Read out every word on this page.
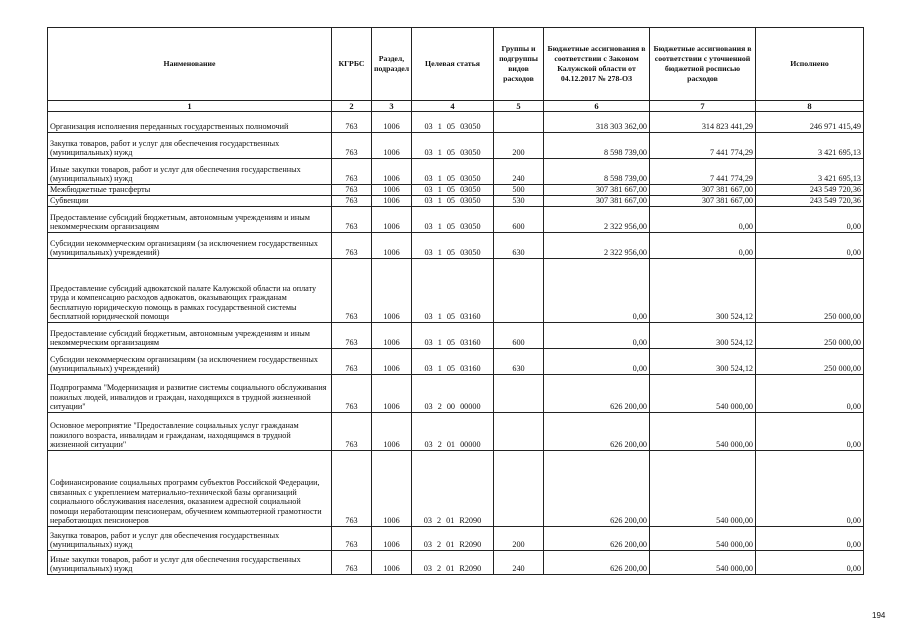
Наименование	КГРБС	Раздел, подраздел	Целевая статья	Группы и подгруппы видов расходов	Бюджетные ассигнования в соответствии с Законом Калужской области от 04.12.2017 № 278-ОЗ	Бюджетные ассигнования в соответствии с уточненной бюджетной росписью расходов	Исполнено
1	2	3	4	5	6	7	8
Организация исполнения переданных государственных полномочий	763	1006	03 1 05 03050		318 303 362,00	314 823 441,29	246 971 415,49
Закупка товаров, работ и услуг для обеспечения государственных (муниципальных) нужд	763	1006	03 1 05 03050	200	8 598 739,00	7 441 774,29	3 421 695,13
Иные закупки товаров, работ и услуг для обеспечения государственных (муниципальных) нужд	763	1006	03 1 05 03050	240	8 598 739,00	7 441 774,29	3 421 695,13
Межбюджетные трансферты	763	1006	03 1 05 03050	500	307 381 667,00	307 381 667,00	243 549 720,36
Субвенции	763	1006	03 1 05 03050	530	307 381 667,00	307 381 667,00	243 549 720,36
Предоставление субсидий бюджетным, автономным учреждениям и иным некоммерческим организациям	763	1006	03 1 05 03050	600	2 322 956,00	0,00	0,00
Субсидии некоммерческим организациям (за исключением государственных (муниципальных) учреждений)	763	1006	03 1 05 03050	630	2 322 956,00	0,00	0,00
Предоставление субсидий адвокатской палате Калужской области на оплату труда и компенсацию расходов адвокатов, оказывающих гражданам бесплатную юридическую помощь в рамках государственной системы бесплатной юридической помощи	763	1006	03 1 05 03160		0,00	300 524,12	250 000,00
Предоставление субсидий бюджетным, автономным учреждениям и иным некоммерческим организациям	763	1006	03 1 05 03160	600	0,00	300 524,12	250 000,00
Субсидии некоммерческим организациям (за исключением государственных (муниципальных) учреждений)	763	1006	03 1 05 03160	630	0,00	300 524,12	250 000,00
Подпрограмма "Модернизация и развитие системы социального обслуживания пожилых людей, инвалидов и граждан, находящихся в трудной жизненной ситуации"	763	1006	03 2 00 00000		626 200,00	540 000,00	0,00
Основное мероприятие "Предоставление социальных услуг гражданам пожилого возраста, инвалидам и гражданам, находящимся в трудной жизненной ситуации"	763	1006	03 2 01 00000		626 200,00	540 000,00	0,00
Софинансирование социальных программ субъектов Российской Федерации, связанных с укреплением материально-технической базы организаций социального обслуживания населения, оказанием адресной социальной помощи неработающим пенсионерам, обучением компьютерной грамотности неработающих пенсионеров	763	1006	03 2 01 R2090		626 200,00	540 000,00	0,00
Закупка товаров, работ и услуг для обеспечения государственных (муниципальных) нужд	763	1006	03 2 01 R2090	200	626 200,00	540 000,00	0,00
Иные закупки товаров, работ и услуг для обеспечения государственных (муниципальных) нужд	763	1006	03 2 01 R2090	240	626 200,00	540 000,00	0,00
194
